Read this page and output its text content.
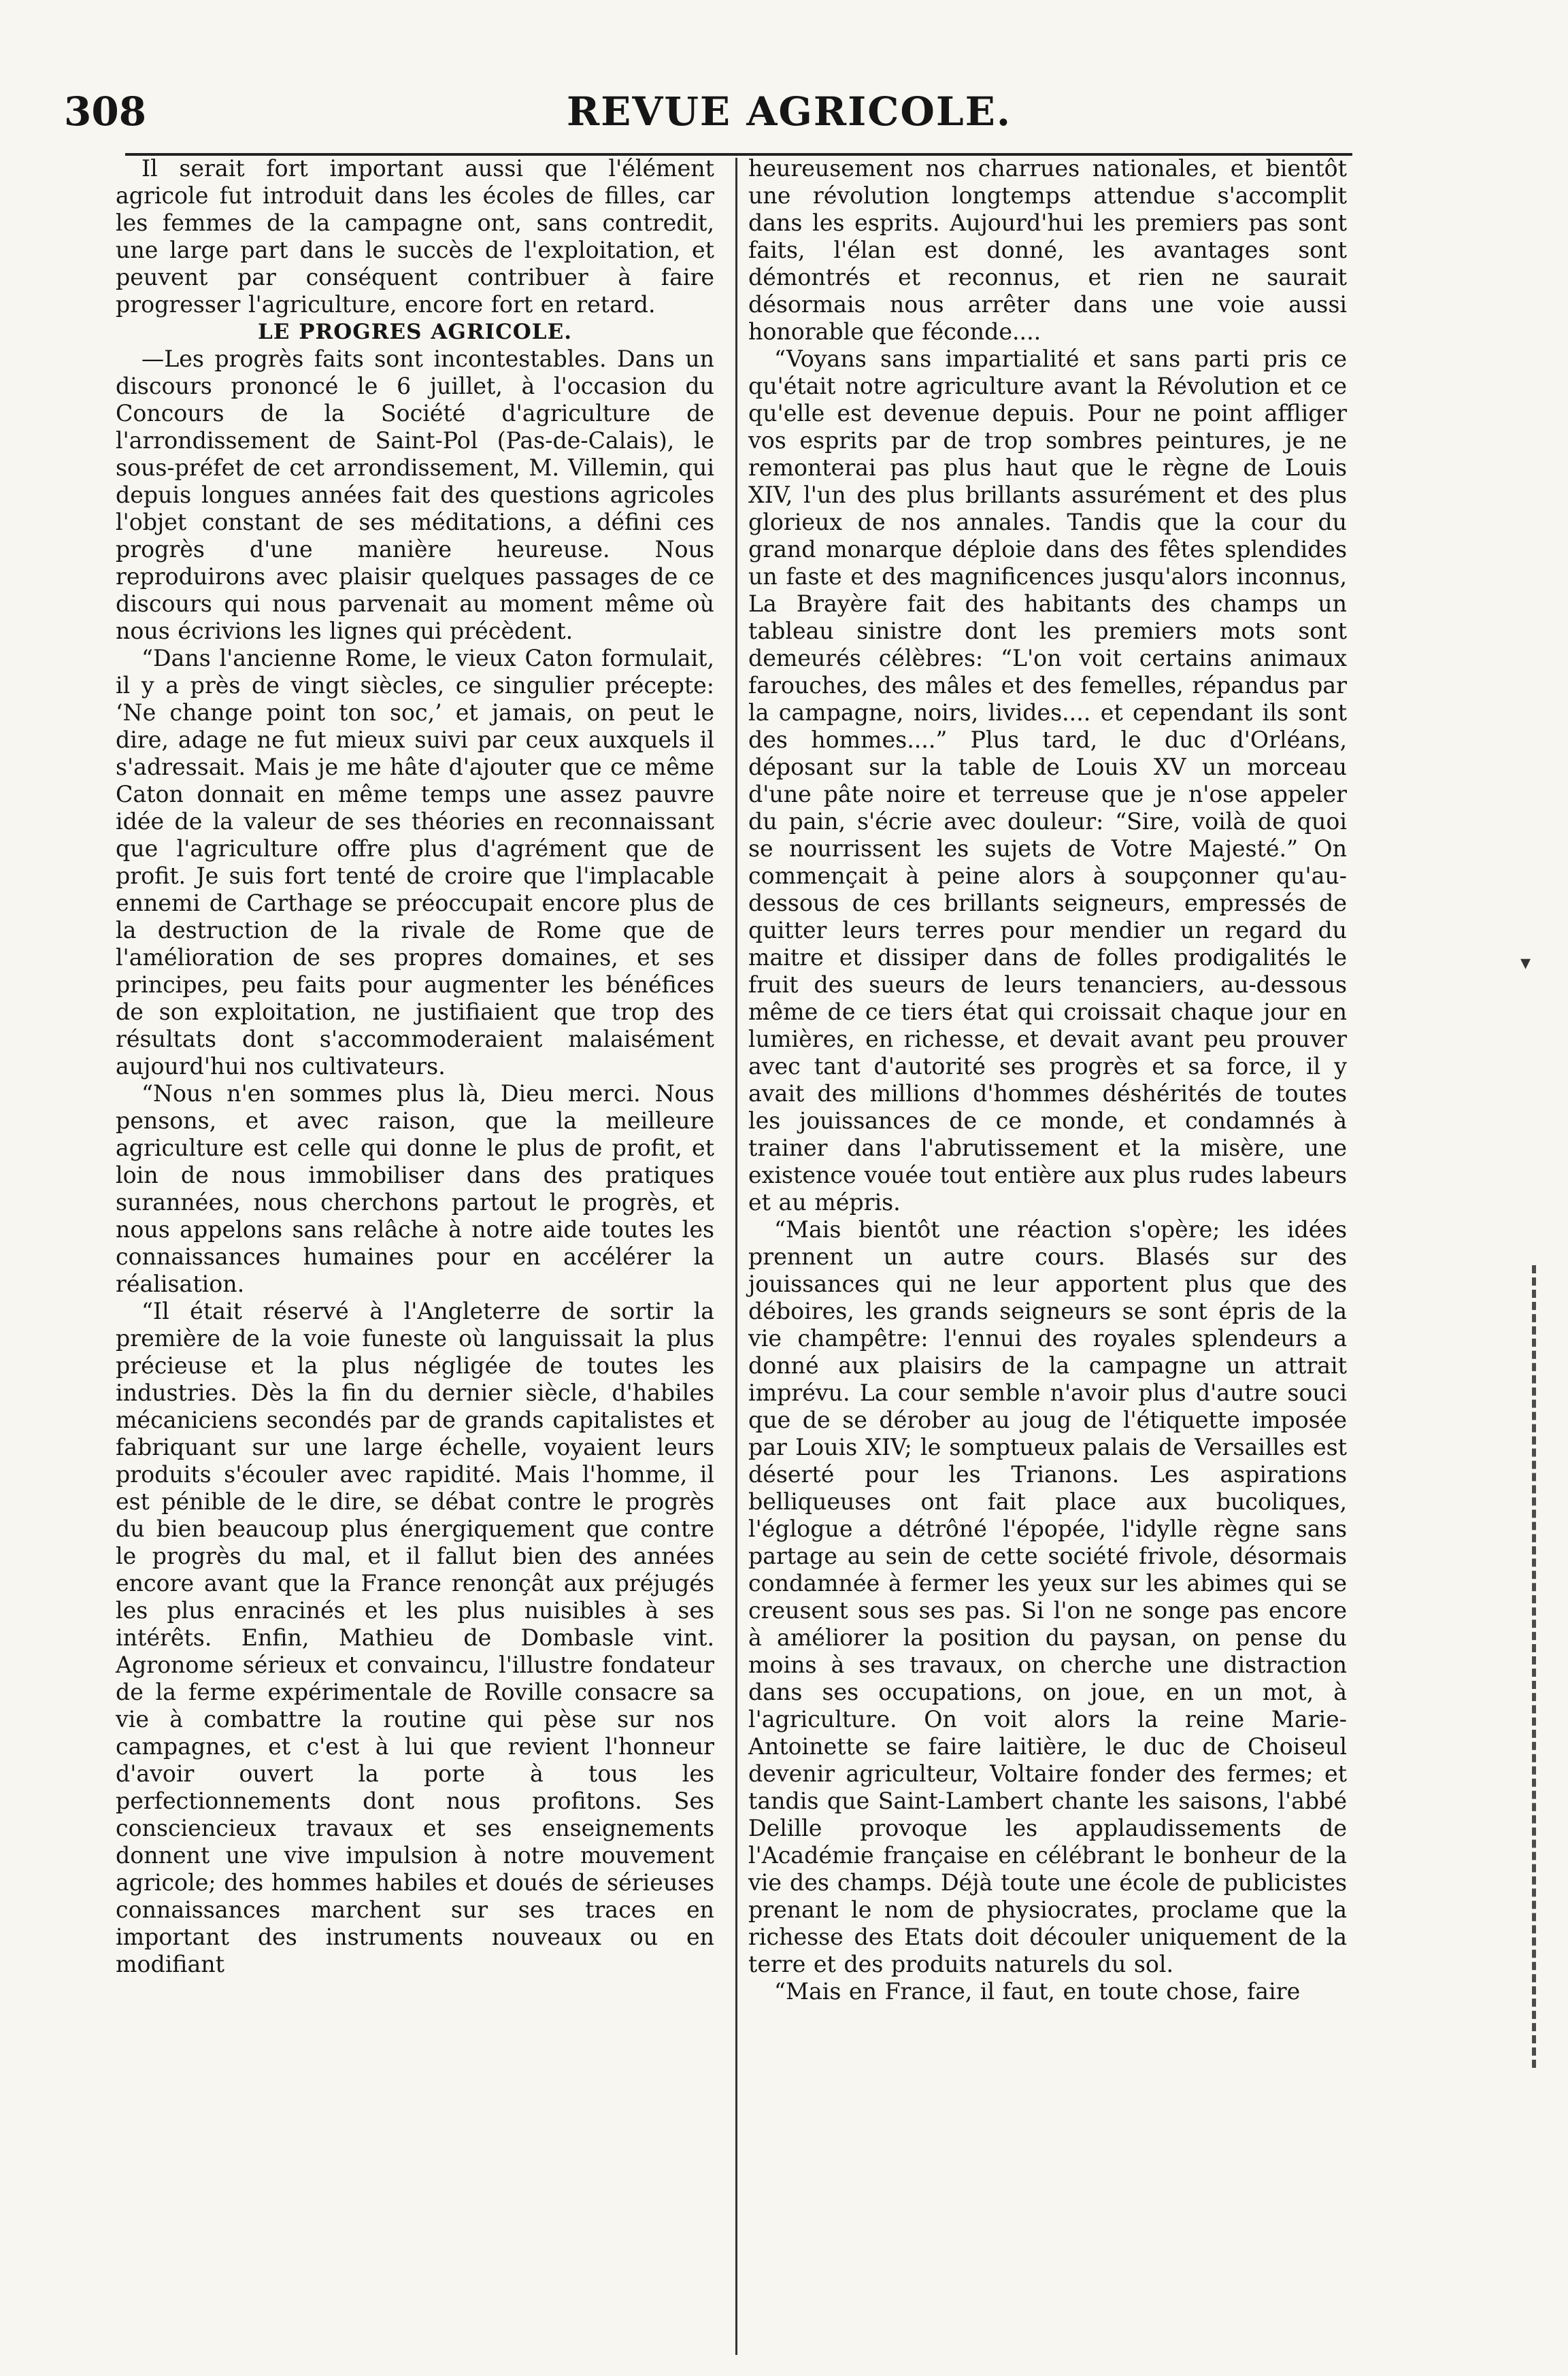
308	REVUE AGRICOLE.

Il serait fort important aussi que l'élément agricole fut introduit dans les écoles de filles, car les femmes de la campagne ont, sans contredit, une large part dans le succès de l'exploitation, et peuvent par conséquent contribuer à faire progresser l'agriculture, encore fort en retard.

LE PROGRES AGRICOLE.

—Les progrès faits sont incontestables. Dans un discours prononcé le 6 juillet, à l'occasion du Concours de la Société d'agriculture de l'arrondissement de Saint-Pol (Pas-de-Calais), le sous-préfet de cet arrondissement, M. Villemin, qui depuis longues années fait des questions agricoles l'objet constant de ses méditations, a défini ces progrès d'une manière heureuse. Nous reproduirons avec plaisir quelques passages de ce discours qui nous parvenait au moment même où nous écrivions les lignes qui précèdent.

“Dans l'ancienne Rome, le vieux Caton formulait, il y a près de vingt siècles, ce singulier précepte: ‘Ne change point ton soc,’ et jamais, on peut le dire, adage ne fut mieux suivi par ceux auxquels il s'adressait. Mais je me hâte d'ajouter que ce même Caton donnait en même temps une assez pauvre idée de la valeur de ses théories en reconnaissant que l'agriculture offre plus d'agrément que de profit. Je suis fort tenté de croire que l'implacable ennemi de Carthage se préoccupait encore plus de la destruction de la rivale de Rome que de l'amélioration de ses propres domaines, et ses principes, peu faits pour augmenter les bénéfices de son exploitation, ne justifiaient que trop des résultats dont s'accommoderaient malaisément aujourd'hui nos cultivateurs.

“Nous n'en sommes plus là, Dieu merci. Nous pensons, et avec raison, que la meilleure agriculture est celle qui donne le plus de profit, et loin de nous immobiliser dans des pratiques surannées, nous cherchons partout le progrès, et nous appelons sans relâche à notre aide toutes les connaissances humaines pour en accélérer la réalisation.

“Il était réservé à l'Angleterre de sortir la première de la voie funeste où languissait la plus précieuse et la plus négligée de toutes les industries. Dès la fin du dernier siècle, d'habiles mécaniciens secondés par de grands capitalistes et fabriquant sur une large échelle, voyaient leurs produits s'écouler avec rapidité. Mais l'homme, il est pénible de le dire, se débat contre le progrès du bien beaucoup plus énergiquement que contre le progrès du mal, et il fallut bien des années encore avant que la France renonçât aux préjugés les plus enracinés et les plus nuisibles à ses intérêts. Enfin, Mathieu de Dombasle vint. Agronome sérieux et convaincu, l'illustre fondateur de la ferme expérimentale de Roville consacre sa vie à combattre la routine qui pèse sur nos campagnes, et c'est à lui que revient l'honneur d'avoir ouvert la porte à tous les perfectionnements dont nous profitons. Ses consciencieux travaux et ses enseignements donnent une vive impulsion à notre mouvement agricole; des hommes habiles et doués de sérieuses connaissances marchent sur ses traces en important des instruments nouveaux ou en modifiant

heureusement nos charrues nationales, et bientôt une révolution longtemps attendue s'accomplit dans les esprits. Aujourd'hui les premiers pas sont faits, l'élan est donné, les avantages sont démontrés et reconnus, et rien ne saurait désormais nous arrêter dans une voie aussi honorable que féconde....

“Voyans sans impartialité et sans parti pris ce qu'était notre agriculture avant la Révolution et ce qu'elle est devenue depuis. Pour ne point affliger vos esprits par de trop sombres peintures, je ne remonterai pas plus haut que le règne de Louis XIV, l'un des plus brillants assurément et des plus glorieux de nos annales. Tandis que la cour du grand monarque déploie dans des fêtes splendides un faste et des magnificences jusqu'alors inconnus, La Brayère fait des habitants des champs un tableau sinistre dont les premiers mots sont demeurés célèbres: “L'on voit certains animaux farouches, des mâles et des femelles, répandus par la campagne, noirs, livides.... et cependant ils sont des hommes....” Plus tard, le duc d'Orléans, déposant sur la table de Louis XV un morceau d'une pâte noire et terreuse que je n'ose appeler du pain, s'écrie avec douleur: “Sire, voilà de quoi se nourrissent les sujets de Votre Majesté.” On commençait à peine alors à soupçonner qu'au-dessous de ces brillants seigneurs, empressés de quitter leurs terres pour mendier un regard du maitre et dissiper dans de folles prodigalités le fruit des sueurs de leurs tenanciers, au-dessous même de ce tiers état qui croissait chaque jour en lumières, en richesse, et devait avant peu prouver avec tant d'autorité ses progrès et sa force, il y avait des millions d'hommes déshérités de toutes les jouissances de ce monde, et condamnés à trainer dans l'abrutissement et la misère, une existence vouée tout entière aux plus rudes labeurs et au mépris.

“Mais bientôt une réaction s'opère; les idées prennent un autre cours. Blasés sur des jouissances qui ne leur apportent plus que des déboires, les grands seigneurs se sont épris de la vie champêtre: l'ennui des royales splendeurs a donné aux plaisirs de la campagne un attrait imprévu. La cour semble n'avoir plus d'autre souci que de se dérober au joug de l'étiquette imposée par Louis XIV; le somptueux palais de Versailles est déserté pour les Trianons. Les aspirations belliqueuses ont fait place aux bucoliques, l'églogue a détrôné l'épopée, l'idylle règne sans partage au sein de cette société frivole, désormais condamnée à fermer les yeux sur les abimes qui se creusent sous ses pas. Si l'on ne songe pas encore à améliorer la position du paysan, on pense du moins à ses travaux, on cherche une distraction dans ses occupations, on joue, en un mot, à l'agriculture. On voit alors la reine Marie-Antoinette se faire laitière, le duc de Choiseul devenir agriculteur, Voltaire fonder des fermes; et tandis que Saint-Lambert chante les saisons, l'abbé Delille provoque les applaudissements de l'Académie française en célébrant le bonheur de la vie des champs. Déjà toute une école de publicistes prenant le nom de physiocrates, proclame que la richesse des Etats doit découler uniquement de la terre et des produits naturels du sol.

“Mais en France, il faut, en toute chose, faire

▾
